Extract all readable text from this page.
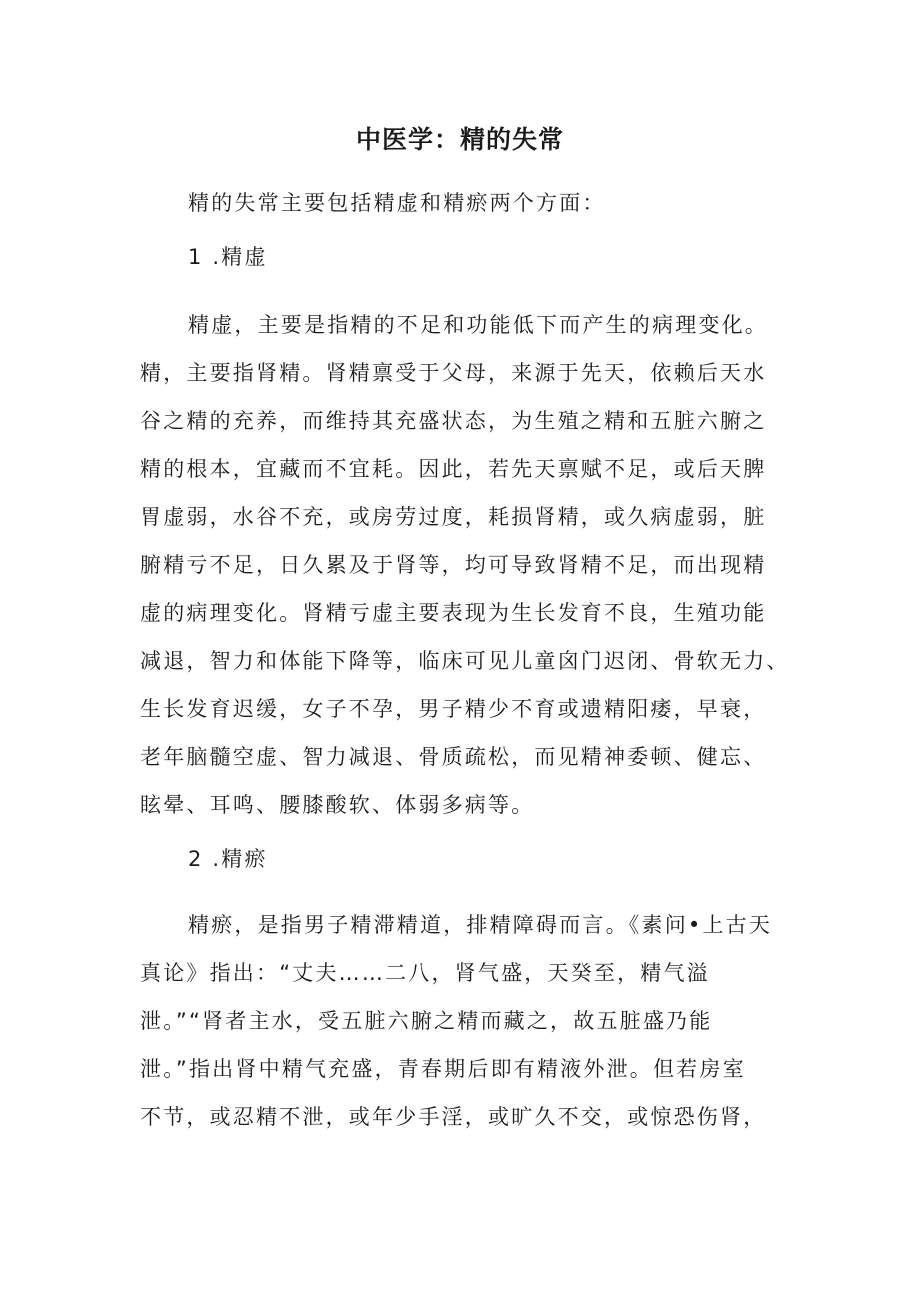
中医学：精的失常
精的失常主要包括精虚和精瘀两个方面：
1 .精虚
精虚，主要是指精的不足和功能低下而产生的病理变化。
精，主要指肾精。肾精禀受于父母，来源于先天，依赖后天水
谷之精的充养，而维持其充盛状态，为生殖之精和五脏六腑之
精的根本，宜藏而不宜耗。因此，若先天禀赋不足，或后天脾
胃虚弱，水谷不充，或房劳过度，耗损肾精，或久病虚弱，脏
腑精亏不足，日久累及于肾等，均可导致肾精不足，而出现精
虚的病理变化。肾精亏虚主要表现为生长发育不良，生殖功能
减退，智力和体能下降等，临床可见儿童囟门迟闭、骨软无力、
生长发育迟缓，女子不孕，男子精少不育或遗精阳痿，早衰，
老年脑髓空虚、智力减退、骨质疏松，而见精神委顿、健忘、
眩晕、耳鸣、腰膝酸软、体弱多病等。
2 .精瘀
精瘀，是指男子精滞精道，排精障碍而言。《素问•上古天
真论》指出：“丈夫……二八，肾气盛，天癸至，精气溢
泄。”“肾者主水，受五脏六腑之精而藏之，故五脏盛乃能
泄。”指出肾中精气充盛，青春期后即有精液外泄。但若房室
不节，或忍精不泄，或年少手淫，或旷久不交，或惊恐伤肾，
